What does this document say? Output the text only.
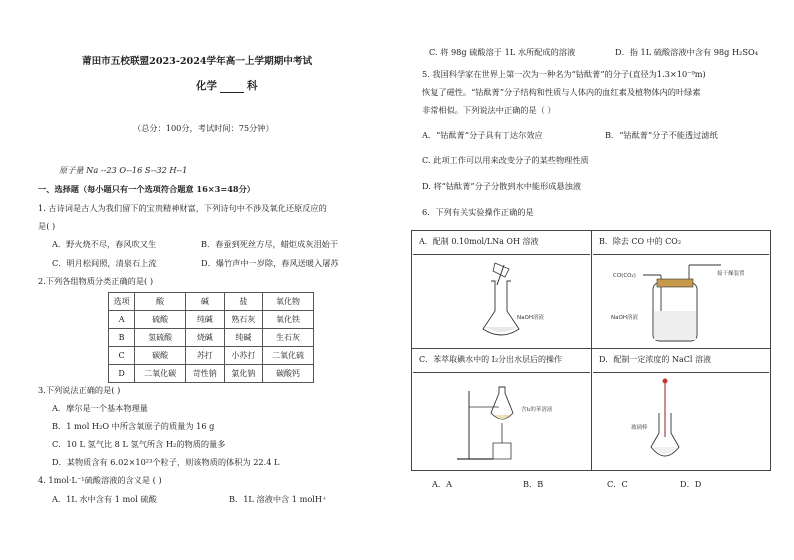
莆田市五校联盟2023-2024学年高一上学期期中考试
化学	科
（总分：100分，考试时间：75分钟）
原子量 Na --23 O--16 S--32 H--1
一、选择题（每小题只有一个选项符合题意 16×3=48分）
1. 古诗词是古人为我们留下的宝贵精神财富，下列诗句中不涉及氧化还原反应的
是( )
A．野火烧不尽，春风吹又生	B．春蚕到死丝方尽，蜡炬成灰泪始干
C．明月松间照，清泉石上流	D．爆竹声中一岁除，春风送暖入屠苏
2.下列各组物质分类正确的是( )
选项	酸	碱	盐	氧化物
A	硫酸	纯碱	熟石灰	氧化铁
B	氢硫酸	烧碱	纯碱	生石灰
C	碳酸	苏打	小苏打	二氧化硫
D	二氧化碳	苛性钠	氯化钠	碳酸钙
3.下列说法正确的是( )
A．摩尔是一个基本物理量
B．1 mol H₂O 中所含氧原子的质量为 16 g
C．10 L 氢气比 8 L 氢气所含 H₂的物质的量多
D．某物质含有 6.02×10²³个粒子，则该物质的体积为 22.4 L
4. 1mol·L⁻¹硫酸溶液的含义是 ( )
A．1L 水中含有 1 mol 硫酸	B．1L 溶液中含 1 molH⁺
C. 将 98g 硫酸溶于 1L 水所配成的溶液	D．指 1L 硫酸溶液中含有 98g H₂SO₄
5. 我国科学家在世界上第一次为一种名为“钴酞菁”的分子(直径为1.3×10⁻⁹m)
恢复了磁性。“钴酞菁”分子结构和性质与人体内的血红素及植物体内的叶绿素
非常相似。下列说法中正确的是（ ）
A．“钴酞菁”分子具有丁达尔效应	B．“钴酞菁”分子不能透过滤纸
C. 此项工作可以用来改变分子的某些物理性质
D. 将“钴酞菁”分子分散到水中能形成悬浊液
6．下列有关实验操作正确的是
A．配制 0.10mol/LNa OH 溶液
NaOH溶液	B．除去 CO 中的 CO₂
CO(CO₂) 接干燥装置
NaOH溶液

C．苯萃取碘水中的 I₂分出水层后的操作
含I₂的苯溶液	D．配制一定浓度的 NaCl 溶液
玻璃棒
A．A	B．B	C．C	D．D
